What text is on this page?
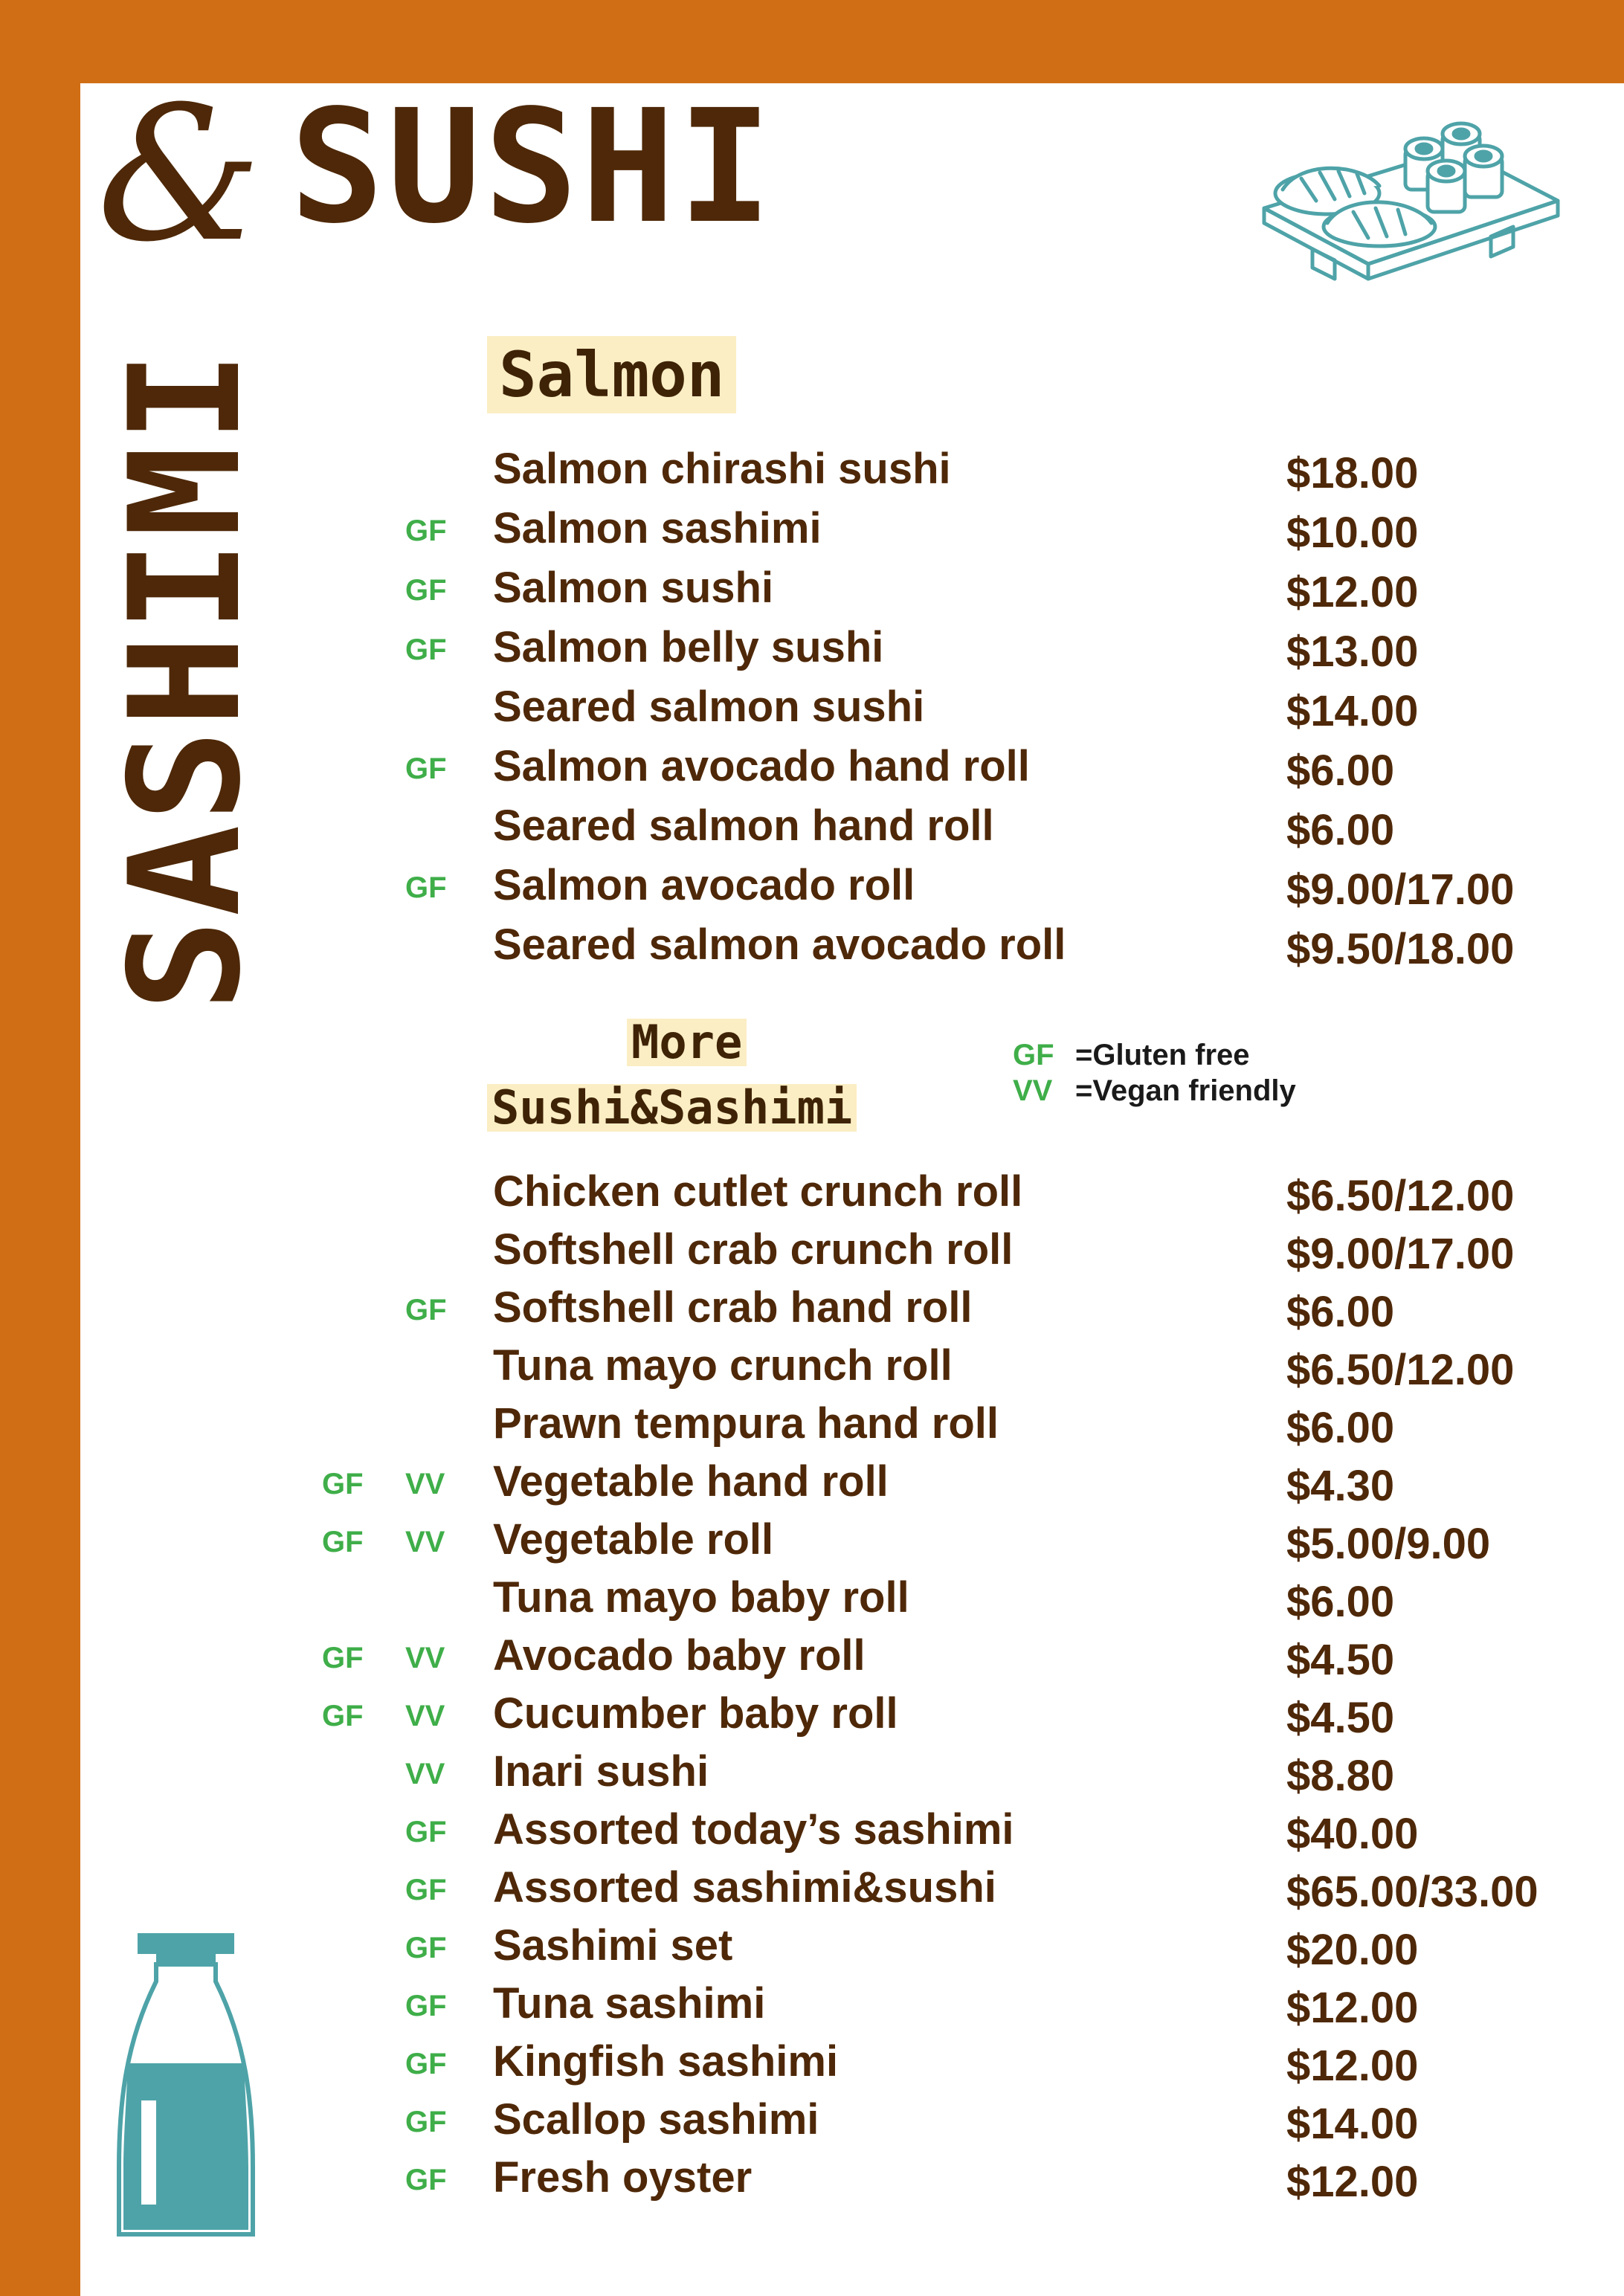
& SUSHI
SASHIMI	Salmon
More
Sushi&Sashimi
GF =Gluten free
VV =Vegan friendly
Salmon chirashi sushi	$18.00
GF Salmon sashimi	$10.00
GF Salmon sushi	$12.00
GF Salmon belly sushi	$13.00
Seared salmon sushi	$14.00
GF Salmon avocado hand roll	$6.00
Seared salmon hand roll	$6.00
GF Salmon avocado roll	$9.00/17.00
Seared salmon avocado roll	$9.50/18.00
Chicken cutlet crunch roll	$6.50/12.00
Softshell crab crunch roll	$9.00/17.00
GF Softshell crab hand roll	$6.00
Tuna mayo crunch roll	$6.50/12.00
Prawn tempura hand roll	$6.00
GF VV Vegetable hand roll	$4.30
GF VV Vegetable roll	$5.00/9.00
Tuna mayo baby roll	$6.00
GF VV Avocado baby roll	$4.50
GF VV Cucumber baby roll	$4.50
VV Inari sushi	$8.80
GF Assorted today’s sashimi	$40.00
GF Assorted sashimi&sushi	$65.00/33.00
GF Sashimi set	$20.00
GF Tuna sashimi	$12.00
GF Kingfish sashimi	$12.00
GF Scallop sashimi	$14.00
GF Fresh oyster	$12.00
